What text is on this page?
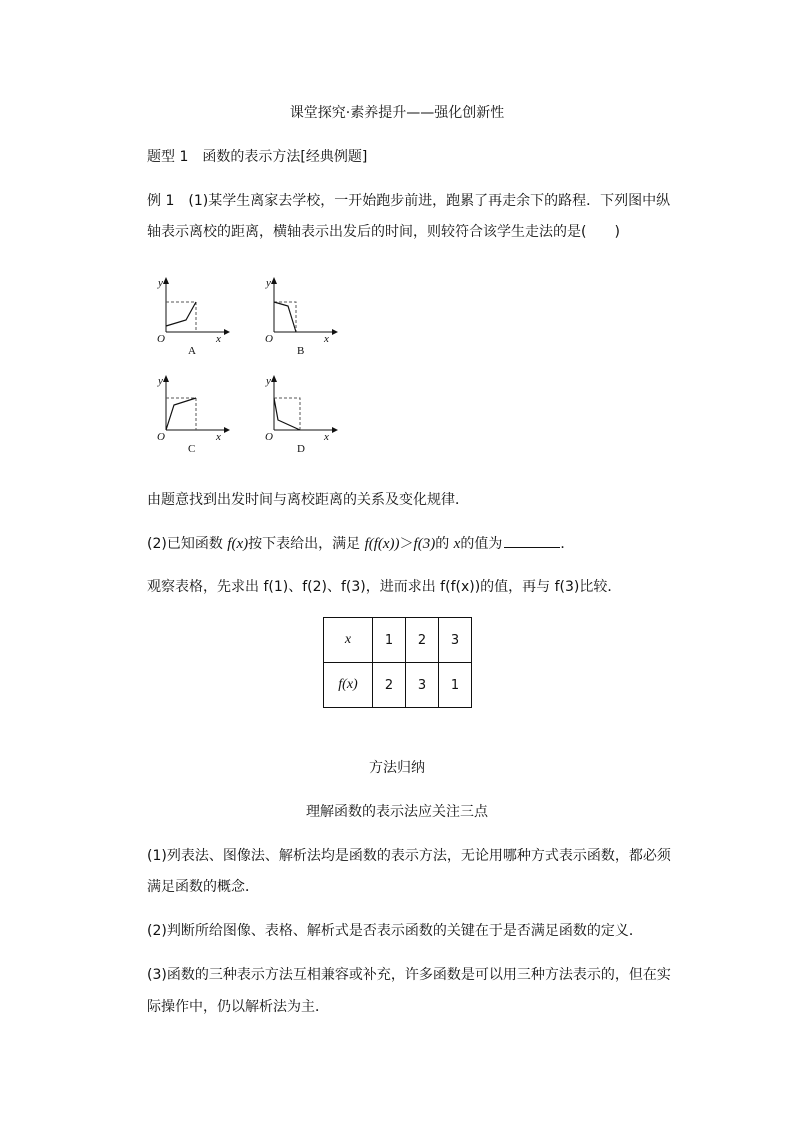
课堂探究·素养提升——强化创新性
题型 1　函数的表示方法[经典例题]
例 1　(1)某学生离家去学校，一开始跑步前进，跑累了再走余下的路程．下列图中纵
轴表示离校的距离，横轴表示出发后的时间，则较符合该学生走法的是( )
y
x
O
A
y
x
O
B
y
x
O
C
y
x
O
D
由题意找到出发时间与离校距离的关系及变化规律．
(2)已知函数 f(x)按下表给出，满足 f(f(x))＞f(3)的 x的值为	．
观察表格，先求出 f(1)、f(2)、f(3)，进而求出 f(f(x))的值，再与 f(3)比较．
x	1	2	3
f(x)	2	3	1
方法归纳
理解函数的表示法应关注三点
(1)列表法、图像法、解析法均是函数的表示方法，无论用哪种方式表示函数，都必须
满足函数的概念．
(2)判断所给图像、表格、解析式是否表示函数的关键在于是否满足函数的定义．
(3)函数的三种表示方法互相兼容或补充，许多函数是可以用三种方法表示的，但在实
际操作中，仍以解析法为主．
